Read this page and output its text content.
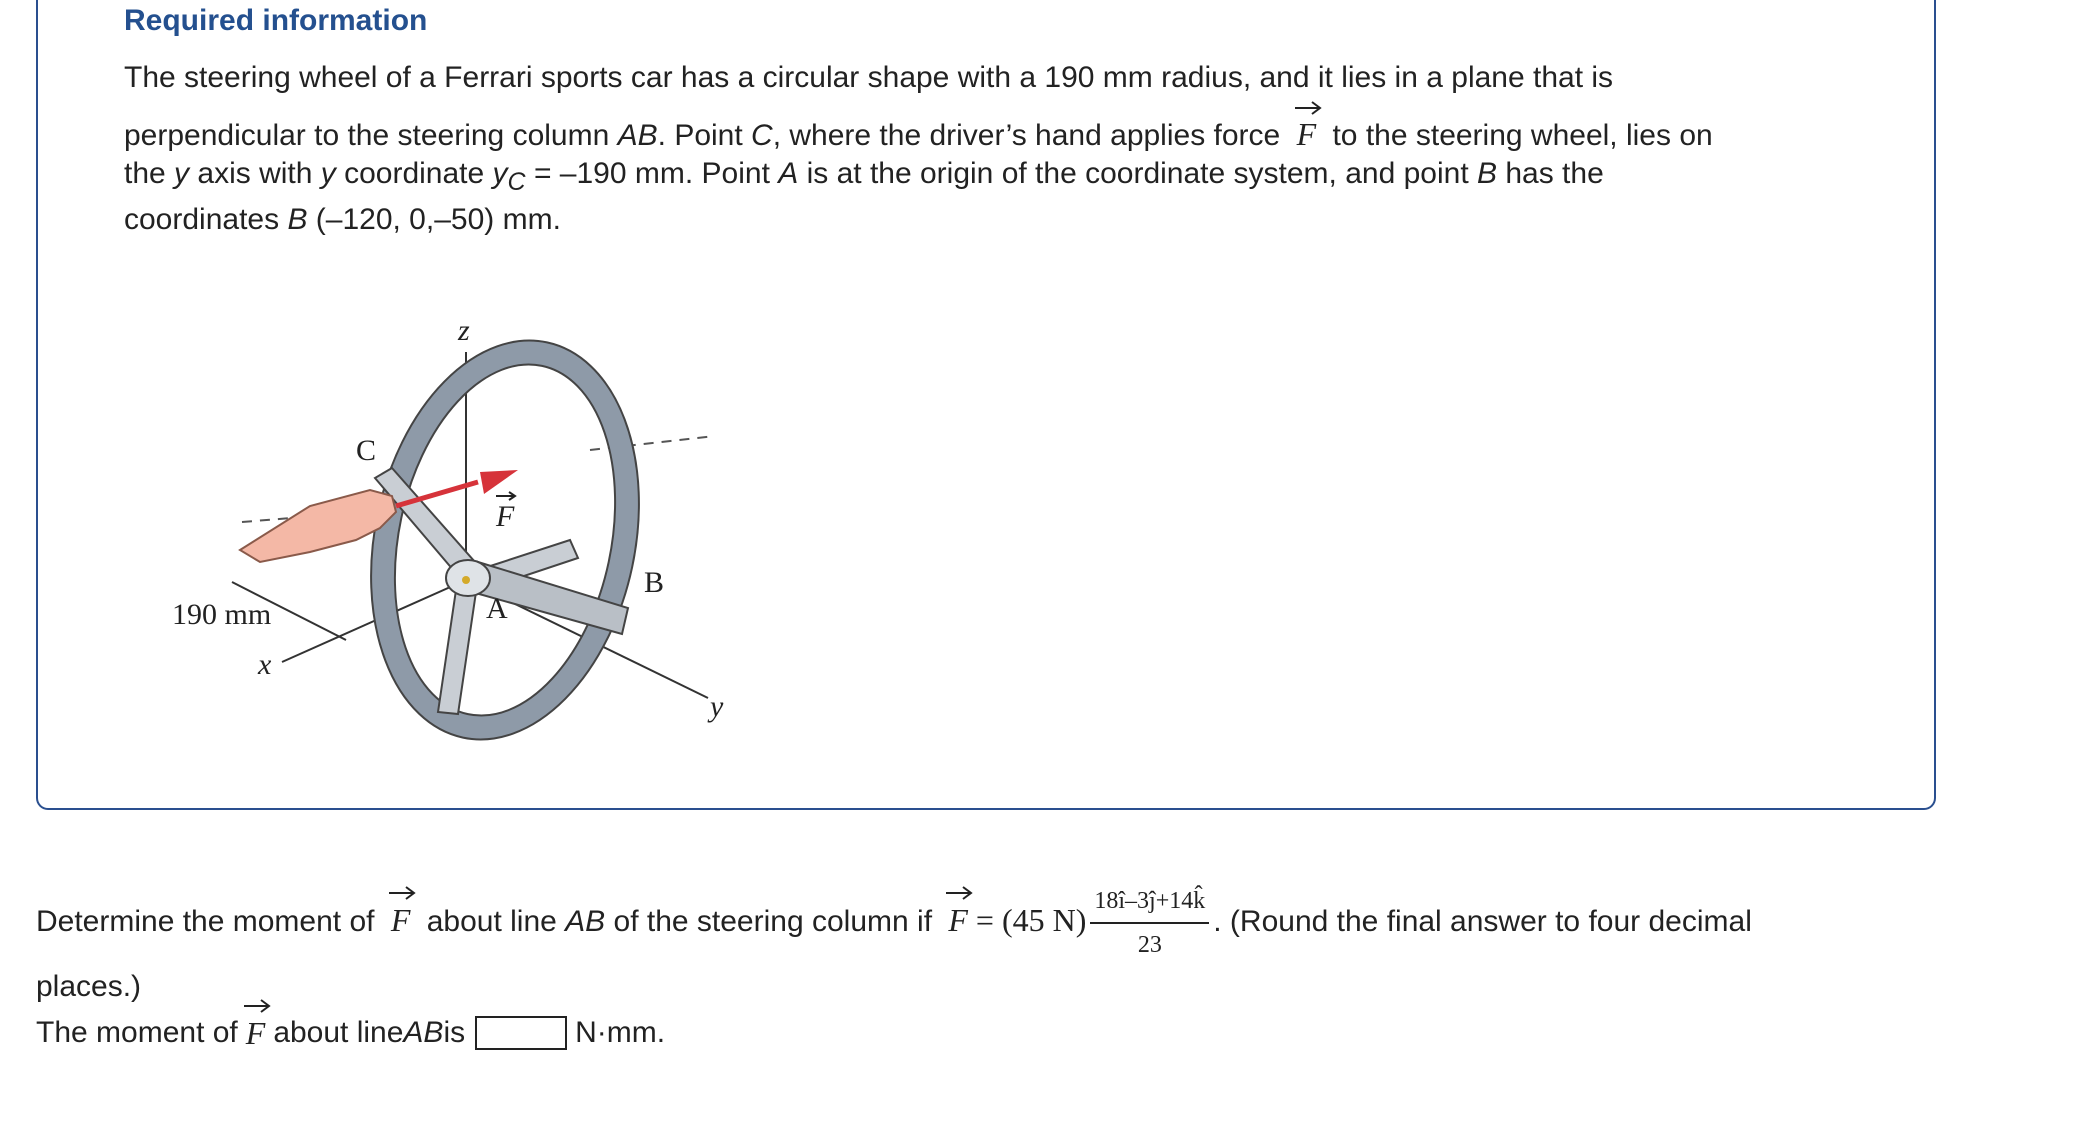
Required information
The steering wheel of a Ferrari sports car has a circular shape with a 190 mm radius, and it lies in a plane that is
perpendicular to the steering column AB. Point C, where the driver’s hand applies force
F to the steering wheel, lies on
the y axis with y coordinate $y_C = -190$ mm. Point A is at the origin of the coordinate system, and point B has the
coordinates B (–120, 0,–50) mm.
z
x
y
C
F
B
A
190 mm
Determine the moment of
F about line AB of the steering column if
F = (45 $N) \frac{18î-3ĵ+14k̂}{23}$ . (Round the final answer to four decimal
places.)
The moment of F about line AB is	N·mm.
